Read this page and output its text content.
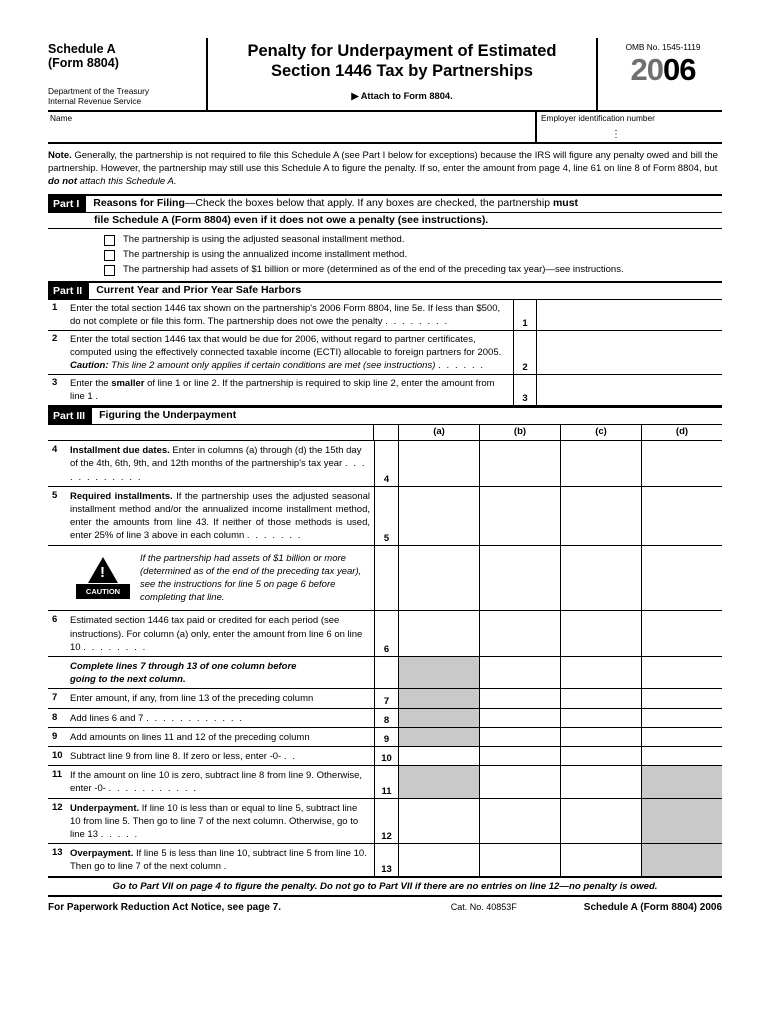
Schedule A
(Form 8804)
Department of the Treasury
Internal Revenue Service
Penalty for Underpayment of Estimated
Section 1446 Tax by Partnerships
▶ Attach to Form 8804.
OMB No. 1545-1119
2006
Name	Employer identification number
⋮
Note. Generally, the partnership is not required to file this Schedule A (see Part I below for exceptions) because the IRS will figure any penalty owed and bill the partnership. However, the partnership may still use this Schedule A to figure the penalty. If so, enter the amount from page 4, line 61 on line 8 of Form 8804, but do not attach this Schedule A.
Part I	Reasons for Filing—Check the boxes below that apply. If any boxes are checked, the partnership must
file Schedule A (Form 8804) even if it does not owe a penalty (see instructions).
The partnership is using the adjusted seasonal installment method.
The partnership is using the annualized income installment method.
The partnership had assets of $1 billion or more (determined as of the end of the preceding tax year)—see instructions.
Part II	Current Year and Prior Year Safe Harbors
1	Enter the total section 1446 tax shown on the partnership's 2006 Form 8804, line 5e. If less than $500, do not complete or file this form. The partnership does not owe the penalty . . . . . . . .	1
2	Enter the total section 1446 tax that would be due for 2006, without regard to partner certificates, computed using the effectively connected taxable income (ECTI) allocable to foreign partners for 2005.
Caution: This line 2 amount only applies if certain conditions are met (see instructions) . . . . . .	2
3	Enter the smaller of line 1 or line 2. If the partnership is required to skip line 2, enter the amount from line 1 .	3
Part III	Figuring the Underpayment
(a)	(b)	(c)	(d)
4	Installment due dates. Enter in columns (a) through (d) the 15th day of the 4th, 6th, 9th, and 12th months of the partnership's tax year . . . . . . . . . . . .	4
5	Required installments. If the partnership uses the adjusted seasonal installment method and/or the annualized income installment method, enter the amounts from line 43. If neither of those methods is used, enter 25% of line 3 above in each column . . . . . . .	5
!
CAUTION
If the partnership had assets of $1 billion or more (determined as of the end of the preceding tax year), see the instructions for line 5 on page 6 before completing that line.
6	Estimated section 1446 tax paid or credited for each period (see instructions). For column (a) only, enter the amount from line 6 on line 10 . . . . . . . .	6
Complete lines 7 through 13 of one column before
going to the next column.
7	Enter amount, if any, from line 13 of the preceding column	7
8	Add lines 6 and 7 . . . . . . . . . . . .	8
9	Add amounts on lines 11 and 12 of the preceding column	9
10 Subtract line 9 from line 8. If zero or less, enter -0- . .	10
11 If the amount on line 10 is zero, subtract line 8 from line 9. Otherwise, enter -0- . . . . . . . . . . .	11
12 Underpayment. If line 10 is less than or equal to line 5, subtract line 10 from line 5. Then go to line 7 of the next column. Otherwise, go to line 13 . . . . .	12
13 Overpayment. If line 5 is less than line 10, subtract line 5 from line 10. Then go to line 7 of the next column .	13
Go to Part VII on page 4 to figure the penalty. Do not go to Part VII if there are no entries on line 12—no penalty is owed.
For Paperwork Reduction Act Notice, see page 7.	Cat. No. 40853F	Schedule A (Form 8804) 2006
